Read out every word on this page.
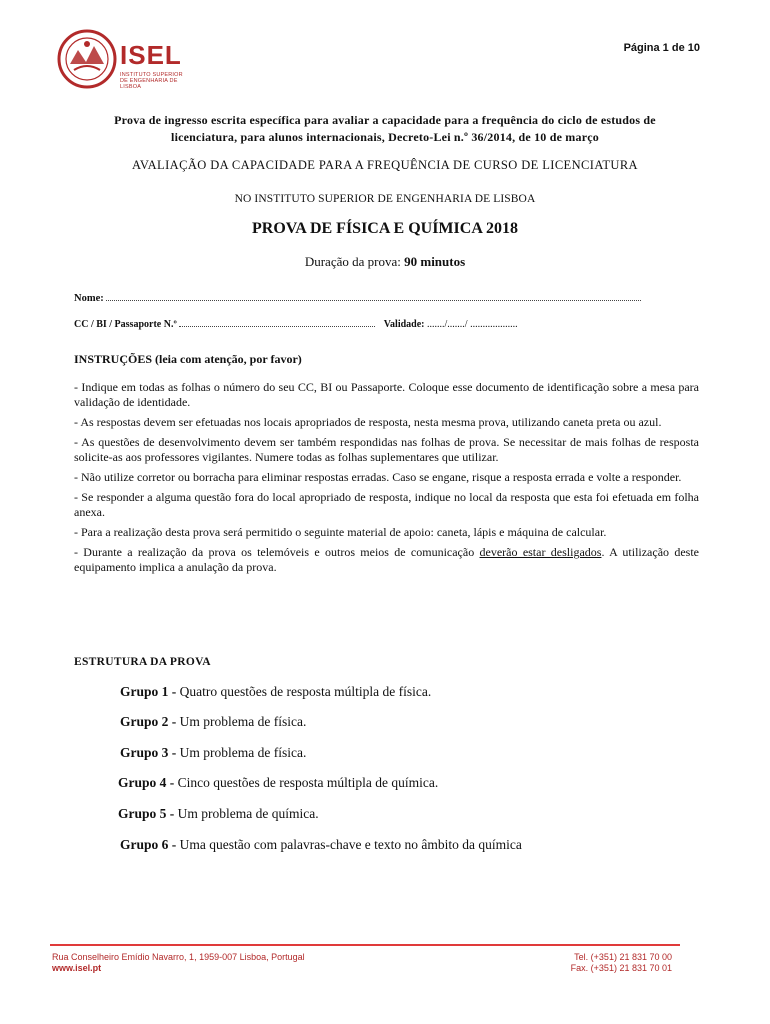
ISEL
INSTITUTO SUPERIOR DE ENGENHARIA DE LISBOA
Página 1 de 10
Prova de ingresso escrita específica para avaliar a capacidade para a frequência do ciclo de estudos de
licenciatura, para alunos internacionais, Decreto-Lei n.º 36/2014, de 10 de março
AVALIAÇÃO DA CAPACIDADE PARA A FREQUÊNCIA DE CURSO DE LICENCIATURA
NO INSTITUTO SUPERIOR DE ENGENHARIA DE LISBOA
PROVA DE FÍSICA E QUÍMICA 2018
Duração da prova: 90 minutos
Nome:
CC / BI / Passaporte N.º	Validade: ......./......./ ...................
INSTRUÇÕES (leia com atenção, por favor)

- Indique em todas as folhas o número do seu CC, BI ou Passaporte. Coloque esse documento de identificação sobre a mesa para validação de identidade.

- As respostas devem ser efetuadas nos locais apropriados de resposta, nesta mesma prova, utilizando caneta preta ou azul.

- As questões de desenvolvimento devem ser também respondidas nas folhas de prova. Se necessitar de mais folhas de resposta solicite-as aos professores vigilantes. Numere todas as folhas suplementares que utilizar.

- Não utilize corretor ou borracha para eliminar respostas erradas. Caso se engane, risque a resposta errada e volte a responder.

- Se responder a alguma questão fora do local apropriado de resposta, indique no local da resposta que esta foi efetuada em folha anexa.

- Para a realização desta prova será permitido o seguinte material de apoio: caneta, lápis e máquina de calcular.

- Durante a realização da prova os telemóveis e outros meios de comunicação deverão estar desligados. A utilização deste equipamento implica a anulação da prova.

ESTRUTURA DA PROVA
Grupo 1 - Quatro questões de resposta múltipla de física.
Grupo 2 - Um problema de física.
Grupo 3 - Um problema de física.
Grupo 4 - Cinco questões de resposta múltipla de química.
Grupo 5 - Um problema de química.
Grupo 6 - Uma questão com palavras-chave e texto no âmbito da química
Rua Conselheiro Emídio Navarro, 1, 1959-007 Lisboa, Portugal
www.isel.pt
Tel. (+351) 21 831 70 00
Fax. (+351) 21 831 70 01
